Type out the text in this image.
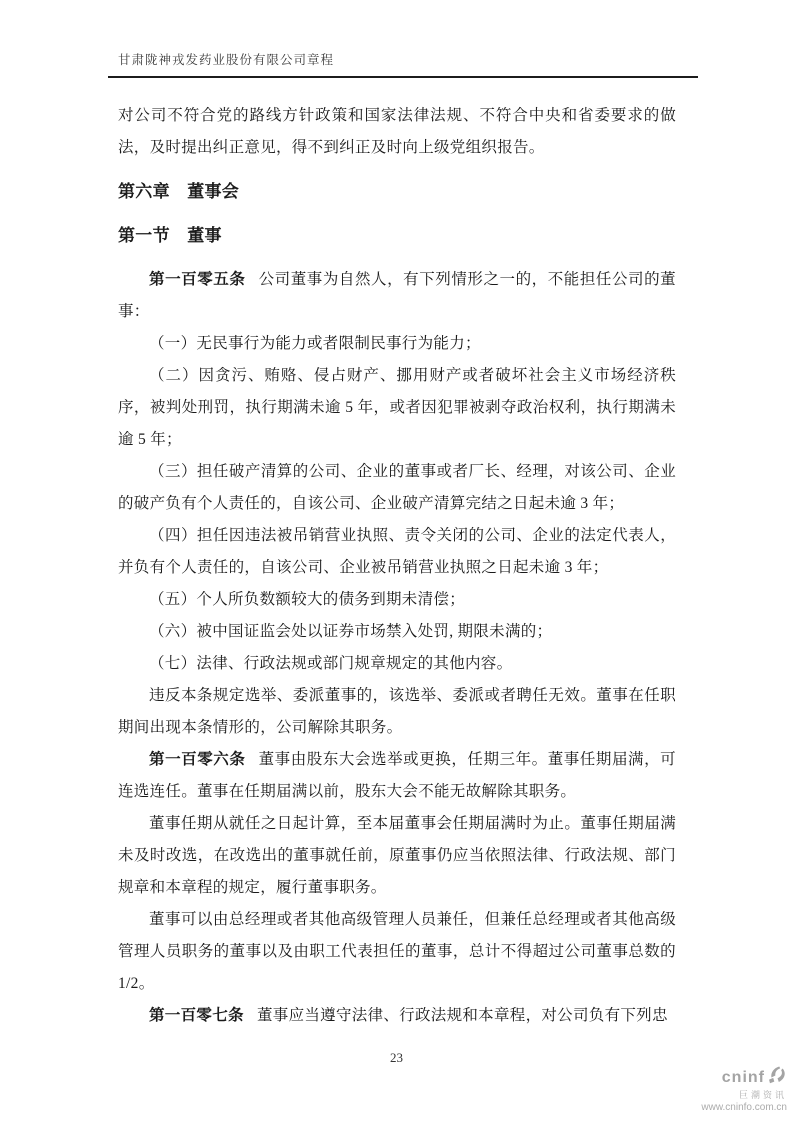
甘肃陇神戎发药业股份有限公司章程

对公司不符合党的路线方针政策和国家法律法规、不符合中央和省委要求的做法，及时提出纠正意见，得不到纠正及时向上级党组织报告。

第六章　董事会

第一节　董事

第一百零五条 公司董事为自然人，有下列情形之一的，不能担任公司的董事：

（一）无民事行为能力或者限制民事行为能力；

（二）因贪污、贿赂、侵占财产、挪用财产或者破坏社会主义市场经济秩序，被判处刑罚，执行期满未逾 5 年，或者因犯罪被剥夺政治权利，执行期满未逾 5 年；

（三）担任破产清算的公司、企业的董事或者厂长、经理，对该公司、企业的破产负有个人责任的，自该公司、企业破产清算完结之日起未逾 3 年；

（四）担任因违法被吊销营业执照、责令关闭的公司、企业的法定代表人，并负有个人责任的，自该公司、企业被吊销营业执照之日起未逾 3 年；

（五）个人所负数额较大的债务到期未清偿；

（六）被中国证监会处以证券市场禁入处罚, 期限未满的；

（七）法律、行政法规或部门规章规定的其他内容。

违反本条规定选举、委派董事的，该选举、委派或者聘任无效。董事在任职期间出现本条情形的，公司解除其职务。

第一百零六条 董事由股东大会选举或更换，任期三年。董事任期届满，可连选连任。董事在任期届满以前，股东大会不能无故解除其职务。

董事任期从就任之日起计算，至本届董事会任期届满时为止。董事任期届满未及时改选，在改选出的董事就任前，原董事仍应当依照法律、行政法规、部门规章和本章程的规定，履行董事职务。

董事可以由总经理或者其他高级管理人员兼任，但兼任总经理或者其他高级管理人员职务的董事以及由职工代表担任的董事，总计不得超过公司董事总数的 1/2。

第一百零七条 董事应当遵守法律、行政法规和本章程，对公司负有下列忠

23
cninf
巨潮资讯
www.cninfo.com.cn
